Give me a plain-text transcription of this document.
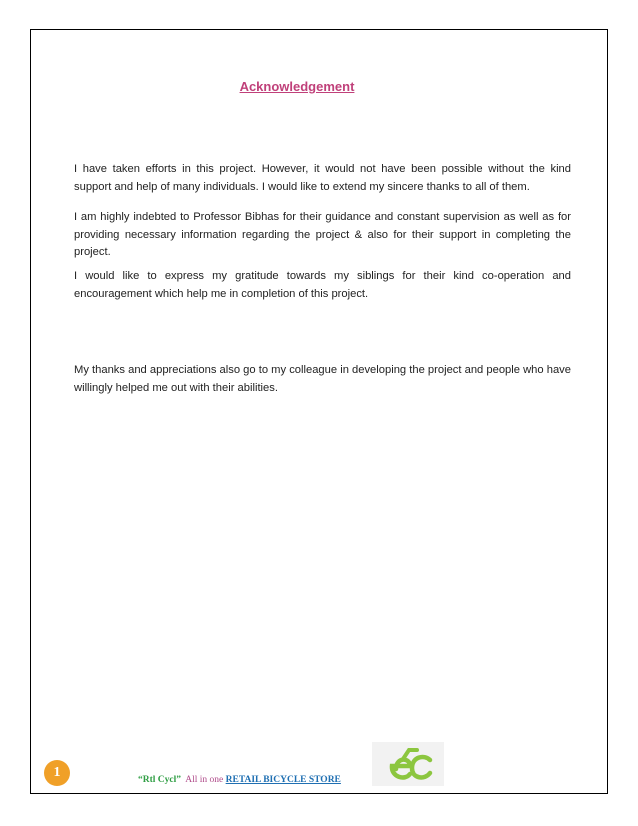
Acknowledgement

I have taken efforts in this project. However, it would not have been possible without the kind support and help of many individuals. I would like to extend my sincere thanks to all of them.

I am highly indebted to Professor Bibhas for their guidance and constant supervision as well as for providing necessary information regarding the project & also for their support in completing the project.

I would like to express my gratitude towards my siblings for their kind co-operation and encouragement which help me in completion of this project.

My thanks and appreciations also go to my colleague in developing the project and people who have willingly helped me out with their abilities.

1	“Rtl Cycl” All in one RETAIL BICYCLE STORE
